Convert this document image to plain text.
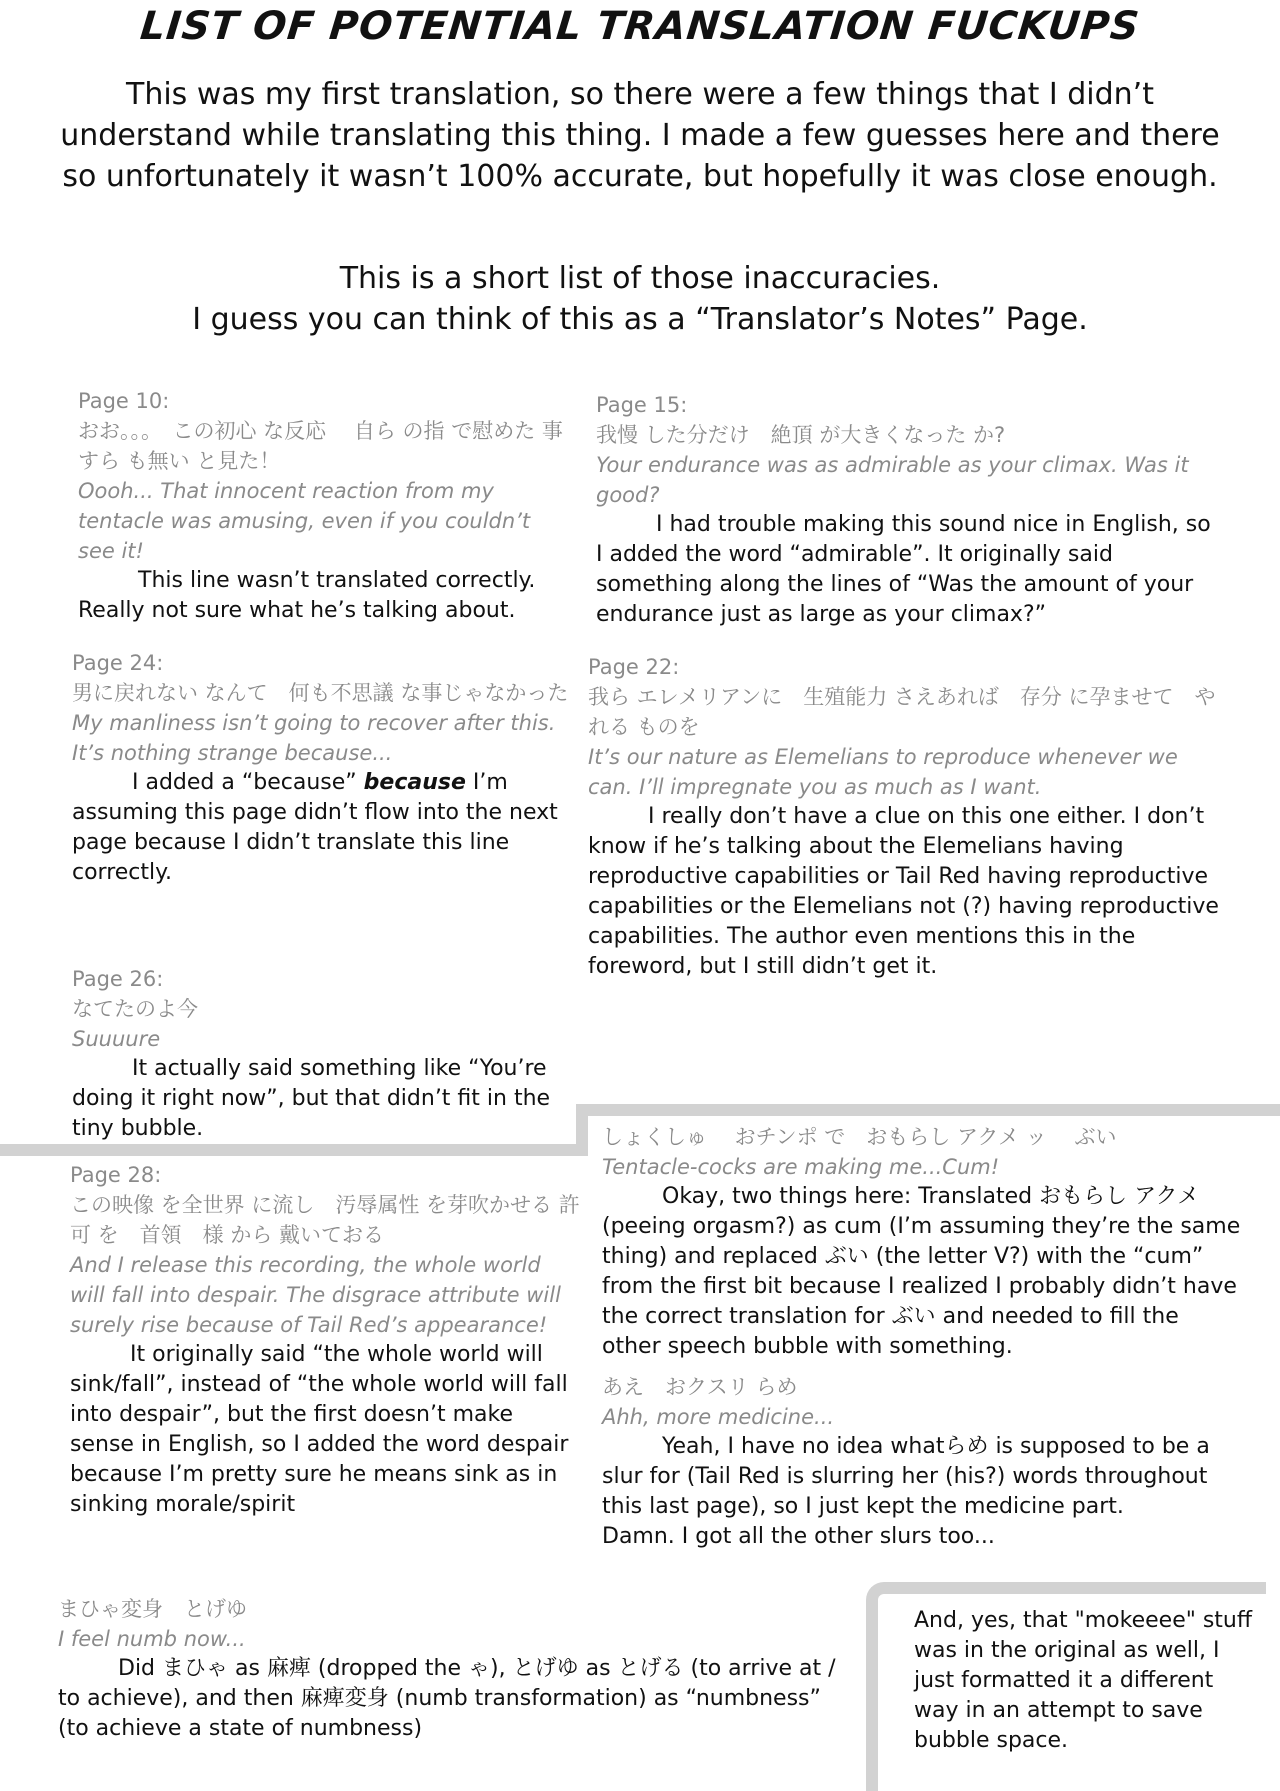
LIST OF POTENTIAL TRANSLATION FUCKUPS

This was my first translation, so there were a few things that I didn’t understand while translating this thing. I made a few guesses here and there so unfortunately it wasn’t 100% accurate, but hopefully it was close enough.

This is a short list of those inaccuracies.
I guess you can think of this as a “Translator’s Notes” Page.
Page 10:
おお。。。　この初心 な反応　 自ら の指 で慰めた 事　すら も無い と見た！
Oooh... That innocent reaction from my tentacle was amusing, even if you couldn’t see it!
This line wasn’t translated correctly. Really not sure what he’s talking about.
Page 15:
我慢 した分だけ　絶頂 が大きくなった か?
Your endurance was as admirable as your climax. Was it good?
I had trouble making this sound nice in English, so I added the word “admirable”. It originally said something along the lines of “Was the amount of your endurance just as large as your climax?”
Page 24:
男に戻れない なんて　何も不思議 な事じゃなかった
My manliness isn’t going to recover after this.
It’s nothing strange because...
I added a “because” because I’m assuming this page didn’t flow into the next page because I didn’t translate this line correctly.
Page 22:
我ら エレメリアンに　生殖能力 さえあれば　存分 に孕ませて　やれる ものを
It’s our nature as Elemelians to reproduce whenever we can. I’ll impregnate you as much as I want.
I really don’t have a clue on this one either. I don’t know if he’s talking about the Elemelians having reproductive capabilities or Tail Red having reproductive capabilities or the Elemelians not (?) having reproductive capabilities. The author even mentions this in the foreword, but I still didn’t get it.
Page 26:
なてたのよ今
Suuuure
It actually said something like “You’re doing it right now”, but that didn’t fit in the tiny bubble.
Page 28:
この映像 を全世界 に流し　汚辱属性 を芽吹かせる 許可 を　首領　様 から 戴いておる
And I release this recording, the whole world will fall into despair. The disgrace attribute will surely rise because of Tail Red’s appearance!
It originally said “the whole world will sink/fall”, instead of “the whole world will fall into despair”, but the first doesn’t make sense in English, so I added the word despair because I’m pretty sure he means sink as in sinking morale/spirit
しょくしゅ　 おチンポ で　おもらし アクメ ッ　 ぶい
Tentacle-cocks are making me...Cum!
Okay, two things here: Translated おもらし アクメ (peeing orgasm?) as cum (I’m assuming they’re the same thing) and replaced ぶい (the letter V?) with the “cum” from the first bit because I realized I probably didn’t have the correct translation for ぶい and needed to fill the other speech bubble with something.
あえ　おクスリ らめ
Ahh, more medicine...
Yeah, I have no idea whatらめ is supposed to be a slur for (Tail Red is slurring her (his?) words throughout this last page), so I just kept the medicine part.
Damn. I got all the other slurs too...
まひゃ変身　とげゆ
I feel numb now...
Did まひゃ as 麻痺 (dropped the ゃ), とげゆ as とげる (to arrive at / to achieve), and then 麻痺変身 (numb transformation) as “numbness” (to achieve a state of numbness)
And, yes, that "mokeeee" stuff was in the original as well, I just formatted it a different way in an attempt to save bubble space.
